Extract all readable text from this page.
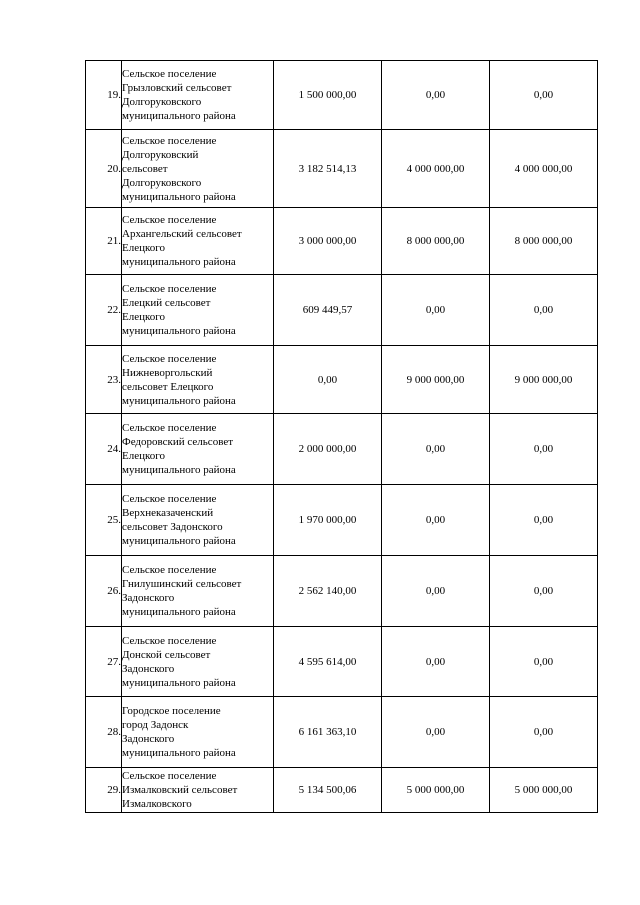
19.	Сельское поселение
Грызловский сельсовет
Долгоруковского
муниципального района	1 500 000,00	0,00	0,00
20.	Сельское поселение
Долгоруковский
сельсовет
Долгоруковского
муниципального района	3 182 514,13	4 000 000,00	4 000 000,00
21.	Сельское поселение
Архангельский сельсовет
Елецкого
муниципального района	3 000 000,00	8 000 000,00	8 000 000,00
22.	Сельское поселение
Елецкий сельсовет
Елецкого
муниципального района	609 449,57	0,00	0,00
23.	Сельское поселение
Нижневоргольский
сельсовет Елецкого
муниципального района	0,00	9 000 000,00	9 000 000,00
24.	Сельское поселение
Федоровский сельсовет
Елецкого
муниципального района	2 000 000,00	0,00	0,00
25.	Сельское поселение
Верхнеказаченский
сельсовет Задонского
муниципального района	1 970 000,00	0,00	0,00
26.	Сельское поселение
Гнилушинский сельсовет
Задонского
муниципального района	2 562 140,00	0,00	0,00
27.	Сельское поселение
Донской сельсовет
Задонского
муниципального района	4 595 614,00	0,00	0,00
28.	Городское поселение
город Задонск
Задонского
муниципального района	6 161 363,10	0,00	0,00
29.	Сельское поселение
Измалковский сельсовет
Измалковского	5 134 500,06	5 000 000,00	5 000 000,00
